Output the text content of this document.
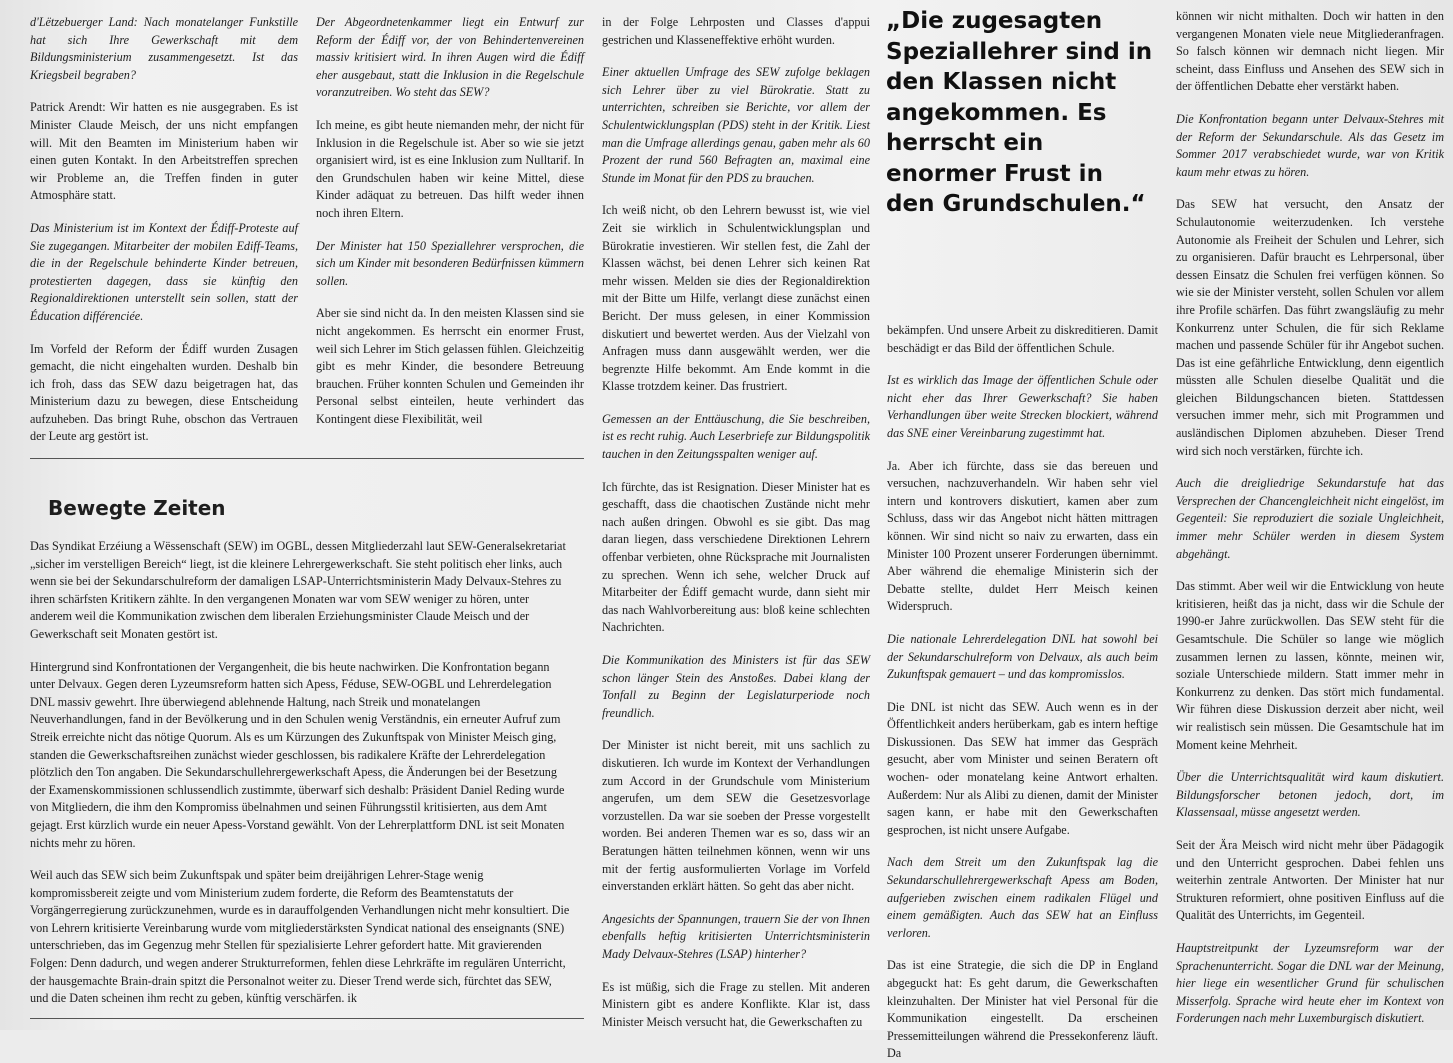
d'Lëtzebuerger Land: Nach monatelanger Funkstille hat sich Ihre Gewerkschaft mit dem Bildungsministerium zusammengesetzt. Ist das Kriegsbeil begraben?

Patrick Arendt: Wir hatten es nie ausgegraben. Es ist Minister Claude Meisch, der uns nicht empfangen will. Mit den Beamten im Ministerium haben wir einen guten Kontakt. In den Arbeitstreffen sprechen wir Probleme an, die Treffen finden in guter Atmosphäre statt.

Das Ministerium ist im Kontext der Édiff-Proteste auf Sie zugegangen. Mitarbeiter der mobilen Ediff-Teams, die in der Regelschule behinderte Kinder betreuen, protestierten dagegen, dass sie künftig den Regionaldirektionen unterstellt sein sollen, statt der Éducation différenciée.

Im Vorfeld der Reform der Édiff wurden Zusagen gemacht, die nicht eingehalten wurden. Deshalb bin ich froh, dass das SEW dazu beigetragen hat, das Ministerium dazu zu bewegen, diese Entscheidung aufzuheben. Das bringt Ruhe, obschon das Vertrauen der Leute arg gestört ist.

Der Abgeordnetenkammer liegt ein Entwurf zur Reform der Édiff vor, der von Behindertenvereinen massiv kritisiert wird. In ihren Augen wird die Édiff eher ausgebaut, statt die Inklusion in die Regelschule voranzutreiben. Wo steht das SEW?

Ich meine, es gibt heute niemanden mehr, der nicht für Inklusion in die Regelschule ist. Aber so wie sie jetzt organisiert wird, ist es eine Inklusion zum Nulltarif. In den Grundschulen haben wir keine Mittel, diese Kinder adäquat zu betreuen. Das hilft weder ihnen noch ihren Eltern.

Der Minister hat 150 Speziallehrer versprochen, die sich um Kinder mit besonderen Bedürfnissen kümmern sollen.

Aber sie sind nicht da. In den meisten Klassen sind sie nicht angekommen. Es herrscht ein enormer Frust, weil sich Lehrer im Stich gelassen fühlen. Gleichzeitig gibt es mehr Kinder, die besondere Betreuung brauchen. Früher konnten Schulen und Gemeinden ihr Personal selbst einteilen, heute verhindert das Kontingent diese Flexibilität, weil

in der Folge Lehrposten und Classes d'appui gestrichen und Klasseneffektive erhöht wurden.

Einer aktuellen Umfrage des SEW zufolge beklagen sich Lehrer über zu viel Bürokratie. Statt zu unterrichten, schreiben sie Berichte, vor allem der Schulentwicklungsplan (PDS) steht in der Kritik. Liest man die Umfrage allerdings genau, gaben mehr als 60 Prozent der rund 560 Befragten an, maximal eine Stunde im Monat für den PDS zu brauchen.

Ich weiß nicht, ob den Lehrern bewusst ist, wie viel Zeit sie wirklich in Schulentwicklungsplan und Bürokratie investieren. Wir stellen fest, die Zahl der Klassen wächst, bei denen Lehrer sich keinen Rat mehr wissen. Melden sie dies der Regionaldirektion mit der Bitte um Hilfe, verlangt diese zunächst einen Bericht. Der muss gelesen, in einer Kommission diskutiert und bewertet werden. Aus der Vielzahl von Anfragen muss dann ausgewählt werden, wer die begrenzte Hilfe bekommt. Am Ende kommt in die Klasse trotzdem keiner. Das frustriert.

Gemessen an der Enttäuschung, die Sie beschreiben, ist es recht ruhig. Auch Leserbriefe zur Bildungspolitik tauchen in den Zeitungsspalten weniger auf.

Ich fürchte, das ist Resignation. Dieser Minister hat es geschafft, dass die chaotischen Zustände nicht mehr nach außen dringen. Obwohl es sie gibt. Das mag daran liegen, dass verschiedene Direktionen Lehrern offenbar verbieten, ohne Rücksprache mit Journalisten zu sprechen. Wenn ich sehe, welcher Druck auf Mitarbeiter der Édiff gemacht wurde, dann sieht mir das nach Wahlvorbereitung aus: bloß keine schlechten Nachrichten.

Die Kommunikation des Ministers ist für das SEW schon länger Stein des Anstoßes. Dabei klang der Tonfall zu Beginn der Legislaturperiode noch freundlich.

Der Minister ist nicht bereit, mit uns sachlich zu diskutieren. Ich wurde im Kontext der Verhandlungen zum Accord in der Grundschule vom Ministerium angerufen, um dem SEW die Gesetzesvorlage vorzustellen. Da war sie soeben der Presse vorgestellt worden. Bei anderen Themen war es so, dass wir an Beratungen hätten teilnehmen können, wenn wir uns mit der fertig ausformulierten Vorlage im Vorfeld einverstanden erklärt hätten. So geht das aber nicht.

Angesichts der Spannungen, trauern Sie der von Ihnen ebenfalls heftig kritisierten Unterrichtsministerin Mady Delvaux-Stehres (LSAP) hinterher?

Es ist müßig, sich die Frage zu stellen. Mit anderen Ministern gibt es andere Konflikte. Klar ist, dass Minister Meisch versucht hat, die Gewerkschaften zu

„Die zugesagten Speziallehrer sind in den Klassen nicht angekommen. Es herrscht ein enormer Frust in den Grundschulen.“

bekämpfen. Und unsere Arbeit zu diskreditieren. Damit beschädigt er das Bild der öffentlichen Schule.

Ist es wirklich das Image der öffentlichen Schule oder nicht eher das Ihrer Gewerkschaft? Sie haben Verhandlungen über weite Strecken blockiert, während das SNE einer Vereinbarung zugestimmt hat.

Ja. Aber ich fürchte, dass sie das bereuen und versuchen, nachzuverhandeln. Wir haben sehr viel intern und kontrovers diskutiert, kamen aber zum Schluss, dass wir das Angebot nicht hätten mittragen können. Wir sind nicht so naiv zu erwarten, dass ein Minister 100 Prozent unserer Forderungen übernimmt. Aber während die ehemalige Ministerin sich der Debatte stellte, duldet Herr Meisch keinen Widerspruch.

Die nationale Lehrerdelegation DNL hat sowohl bei der Sekundarschulreform von Delvaux, als auch beim Zukunftspak gemauert – und das kompromisslos.

Die DNL ist nicht das SEW. Auch wenn es in der Öffentlichkeit anders herüberkam, gab es intern heftige Diskussionen. Das SEW hat immer das Gespräch gesucht, aber vom Minister und seinen Beratern oft wochen- oder monatelang keine Antwort erhalten. Außerdem: Nur als Alibi zu dienen, damit der Minister sagen kann, er habe mit den Gewerkschaften gesprochen, ist nicht unsere Aufgabe.

Nach dem Streit um den Zukunftspak lag die Sekundarschullehrergewerkschaft Apess am Boden, aufgerieben zwischen einem radikalen Flügel und einem gemäßigten. Auch das SEW hat an Einfluss verloren.

Das ist eine Strategie, die sich die DP in England abgeguckt hat: Es geht darum, die Gewerkschaften kleinzuhalten. Der Minister hat viel Personal für die Kommunikation eingestellt. Da erscheinen Pressemitteilungen während die Pressekonferenz läuft. Da

können wir nicht mithalten. Doch wir hatten in den vergangenen Monaten viele neue Mitgliederanfragen. So falsch können wir demnach nicht liegen. Mir scheint, dass Einfluss und Ansehen des SEW sich in der öffentlichen Debatte eher verstärkt haben.

Die Konfrontation begann unter Delvaux-Stehres mit der Reform der Sekundarschule. Als das Gesetz im Sommer 2017 verabschiedet wurde, war von Kritik kaum mehr etwas zu hören.

Das SEW hat versucht, den Ansatz der Schulautonomie weiterzudenken. Ich verstehe Autonomie als Freiheit der Schulen und Lehrer, sich zu organisieren. Dafür braucht es Lehrpersonal, über dessen Einsatz die Schulen frei verfügen können. So wie sie der Minister versteht, sollen Schulen vor allem ihre Profile schärfen. Das führt zwangsläufig zu mehr Konkurrenz unter Schulen, die für sich Reklame machen und passende Schüler für ihr Angebot suchen. Das ist eine gefährliche Entwicklung, denn eigentlich müssten alle Schulen dieselbe Qualität und die gleichen Bildungschancen bieten. Stattdessen versuchen immer mehr, sich mit Programmen und ausländischen Diplomen abzuheben. Dieser Trend wird sich noch verstärken, fürchte ich.

Auch die dreigliedrige Sekundarstufe hat das Versprechen der Chancengleichheit nicht eingelöst, im Gegenteil: Sie reproduziert die soziale Ungleichheit, immer mehr Schüler werden in diesem System abgehängt.

Das stimmt. Aber weil wir die Entwicklung von heute kritisieren, heißt das ja nicht, dass wir die Schule der 1990-er Jahre zurückwollen. Das SEW steht für die Gesamtschule. Die Schüler so lange wie möglich zusammen lernen zu lassen, könnte, meinen wir, soziale Unterschiede mildern. Statt immer mehr in Konkurrenz zu denken. Das stört mich fundamental. Wir führen diese Diskussion derzeit aber nicht, weil wir realistisch sein müssen. Die Gesamtschule hat im Moment keine Mehrheit.

Über die Unterrichtsqualität wird kaum diskutiert. Bildungsforscher betonen jedoch, dort, im Klassensaal, müsse angesetzt werden.

Seit der Ära Meisch wird nicht mehr über Pädagogik und den Unterricht gesprochen. Dabei fehlen uns weiterhin zentrale Antworten. Der Minister hat nur Strukturen reformiert, ohne positiven Einfluss auf die Qualität des Unterrichts, im Gegenteil.

Hauptstreitpunkt der Lyzeumsreform war der Sprachenunterricht. Sogar die DNL war der Meinung, hier liege ein wesentlicher Grund für schulischen Misserfolg. Sprache wird heute eher im Kontext von Forderungen nach mehr Luxemburgisch diskutiert.

Bewegte Zeiten

Das Syndikat Erzéiung a Wëssenschaft (SEW) im OGBL, dessen Mitgliederzahl laut SEW-Generalsekretariat „sicher im verstelligen Bereich“ liegt, ist die kleinere Lehrergewerkschaft. Sie steht politisch eher links, auch wenn sie bei der Sekundarschulreform der damaligen LSAP-Unterrichtsministerin Mady Delvaux-Stehres zu ihren schärfsten Kritikern zählte. In den vergangenen Monaten war vom SEW weniger zu hören, unter anderem weil die Kommunikation zwischen dem liberalen Erziehungsminister Claude Meisch und der Gewerkschaft seit Monaten gestört ist.

Hintergrund sind Konfrontationen der Vergangenheit, die bis heute nachwirken. Die Konfrontation begann unter Delvaux. Gegen deren Lyzeumsreform hatten sich Apess, Féduse, SEW-OGBL und Lehrerdelegation DNL massiv gewehrt. Ihre überwiegend ablehnende Haltung, nach Streik und monatelangen Neuverhandlungen, fand in der Bevölkerung und in den Schulen wenig Verständnis, ein erneuter Aufruf zum Streik erreichte nicht das nötige Quorum. Als es um Kürzungen des Zukunftspak von Minister Meisch ging, standen die Gewerkschaftsreihen zunächst wieder geschlossen, bis radikalere Kräfte der Lehrerdelegation plötzlich den Ton angaben. Die Sekundarschullehrergewerkschaft Apess, die Änderungen bei der Besetzung der Examenskommissionen schlussendlich zustimmte, überwarf sich deshalb: Präsident Daniel Reding wurde von Mitgliedern, die ihm den Kompromiss übelnahmen und seinen Führungsstil kritisierten, aus dem Amt gejagt. Erst kürzlich wurde ein neuer Apess-Vorstand gewählt. Von der Lehrerplattform DNL ist seit Monaten nichts mehr zu hören.

Weil auch das SEW sich beim Zukunftspak und später beim dreijährigen Lehrer-Stage wenig kompromissbereit zeigte und vom Ministerium zudem forderte, die Reform des Beamtenstatuts der Vorgängerregierung zurückzunehmen, wurde es in darauffolgenden Verhandlungen nicht mehr konsultiert. Die von Lehrern kritisierte Vereinbarung wurde vom mitgliederstärksten Syndicat national des enseignants (SNE) unterschrieben, das im Gegenzug mehr Stellen für spezialisierte Lehrer gefordert hatte. Mit gravierenden Folgen: Denn dadurch, und wegen anderer Strukturreformen, fehlen diese Lehrkräfte im regulären Unterricht, der hausgemachte Brain-drain spitzt die Personalnot weiter zu. Dieser Trend werde sich, fürchtet das SEW, und die Daten scheinen ihm recht zu geben, künftig verschärfen. ik
